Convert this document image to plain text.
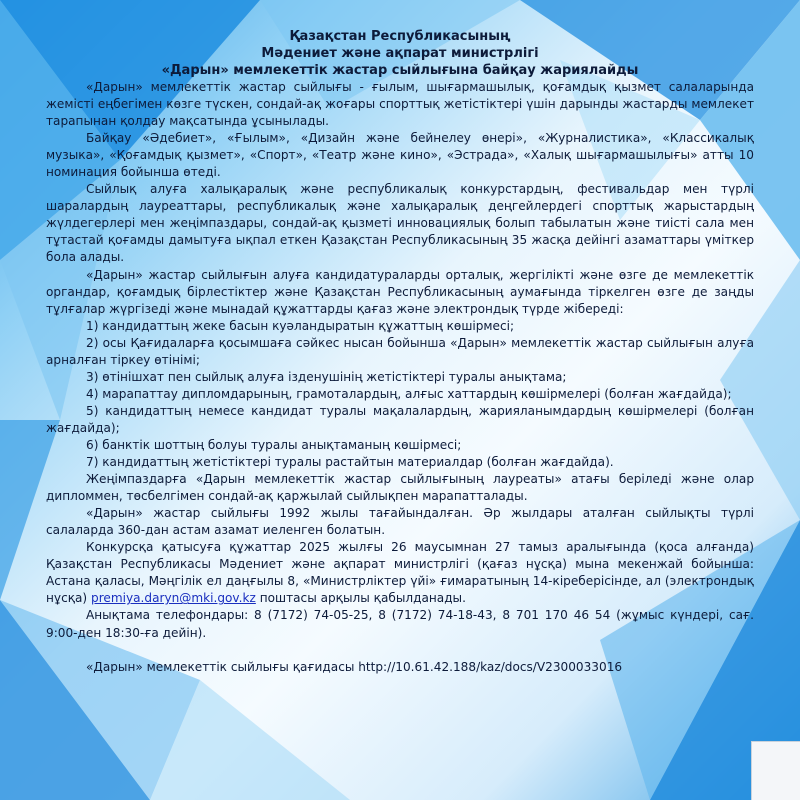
Қазақстан Республикасының
Мәдениет және ақпарат министрлігі
«Дарын» мемлекеттік жастар сыйлығына байқау жариялайды

«Дарын» мемлекеттік жастар сыйлығы - ғылым, шығармашылық, қоғамдық қызмет салаларында жемісті еңбегімен көзге түскен, сондай-ақ жоғары спорттық жетістіктері үшін дарынды жастарды мемлекет тарапынан қолдау мақсатында ұсынылады.

Байқау «Әдебиет», «Ғылым», «Дизайн және бейнелеу өнері», «Журналистика», «Классикалық музыка», «Қоғамдық қызмет», «Спорт», «Театр және кино», «Эстрада», «Халық шығармашылығы» атты 10 номинация бойынша өтеді.

Сыйлық алуға халықаралық және республикалық конкурстардың, фестивальдар мен түрлі шаралардың лауреаттары, республикалық және халықаралық деңгейлердегі спорттық жарыстардың жүлдегерлері мен жеңімпаздары, сондай-ақ қызметі инновациялық болып табылатын және тиісті сала мен тұтастай қоғамды дамытуға ықпал еткен Қазақстан Республикасының 35 жасқа дейінгі азаматтары үміткер бола алады.

«Дарын» жастар сыйлығын алуға кандидатураларды орталық, жергілікті және өзге де мемлекеттік органдар, қоғамдық бірлестіктер және Қазақстан Республикасының аумағында тіркелген өзге де заңды тұлғалар жүргізеді және мынадай құжаттарды қағаз және электрондық түрде жібереді:

1) кандидаттың жеке басын куәландыратын құжаттың көшірмесі;

2) осы Қағидаларға қосымшаға сәйкес нысан бойынша «Дарын» мемлекеттік жастар сыйлығын алуға арналған тіркеу өтінімі;

3) өтінішхат пен сыйлық алуға ізденушінің жетістіктері туралы анықтама;

4) марапаттау дипломдарының, грамоталардың, алғыс хаттардың көшірмелері (болған жағдайда);

5) кандидаттың немесе кандидат туралы мақалалардың, жарияланымдардың көшірмелері (болған жағдайда);

6) банктік шоттың болуы туралы анықтаманың көшірмесі;

7) кандидаттың жетістіктері туралы растайтын материалдар (болған жағдайда).

Жеңімпаздарға «Дарын мемлекеттік жастар сыйлығының лауреаты» атағы беріледі және олар дипломмен, төсбелгімен сондай-ақ қаржылай сыйлықпен марапатталады.

«Дарын» жастар сыйлығы 1992 жылы тағайындалған. Әр жылдары аталған сыйлықты түрлі салаларда 360-дан астам азамат иеленген болатын.

Конкурсқа қатысуға құжаттар 2025 жылғы 26 маусымнан 27 тамыз аралығында (қоса алғанда) Қазақстан Республикасы Мәдениет және ақпарат министрлігі (қағаз нұсқа) мына мекенжай бойынша: Астана қаласы, Мәңгілік ел даңғылы 8, «Министрліктер үйі» ғимаратының 14-кіреберісінде, ал (электрондық нұсқа) premiya.daryn@mki.gov.kz поштасы арқылы қабылданады.

Анықтама телефондары: 8 (7172) 74-05-25, 8 (7172) 74-18-43, 8 701 170 46 54 (жұмыс күндері, сағ. 9:00-ден 18:30-ға дейін).

«Дарын» мемлекеттік сыйлығы қағидасы http://10.61.42.188/kaz/docs/V2300033016
